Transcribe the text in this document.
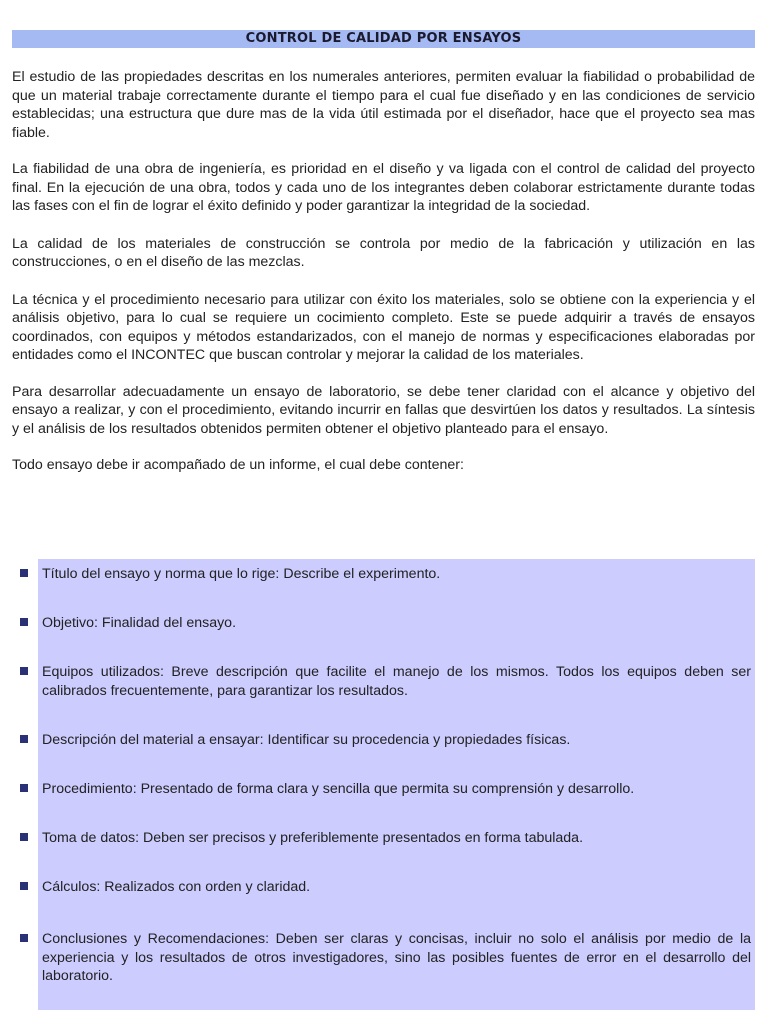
CONTROL DE CALIDAD POR ENSAYOS

El estudio de las propiedades descritas en los numerales anteriores, permiten evaluar la fiabilidad o probabilidad de que un material trabaje correctamente durante el tiempo para el cual fue diseñado y en las condiciones de servicio establecidas; una estructura que dure mas de la vida útil estimada por el diseñador, hace que el proyecto sea mas fiable.

La fiabilidad de una obra de ingeniería, es prioridad en el diseño y va ligada con el control de calidad del proyecto final. En la ejecución de una obra, todos y cada uno de los integrantes deben colaborar estrictamente durante todas las fases con el fin de lograr el éxito definido y poder garantizar la integridad de la sociedad.

La calidad de los materiales de construcción se controla por medio de la fabricación y utilización en las construcciones, o en el diseño de las mezclas.

La técnica y el procedimiento necesario para utilizar con éxito los materiales, solo se obtiene con la experiencia y el análisis objetivo, para lo cual se requiere un cocimiento completo. Este se puede adquirir a través de ensayos coordinados, con equipos y métodos estandarizados, con el manejo de normas y especificaciones elaboradas por entidades como el INCONTEC que buscan controlar y mejorar la calidad de los materiales.

Para desarrollar adecuadamente un ensayo de laboratorio, se debe tener claridad con el alcance y objetivo del ensayo a realizar, y con el procedimiento, evitando incurrir en fallas que desvirtúen los datos y resultados. La síntesis y el análisis de los resultados obtenidos permiten obtener el objetivo planteado para el ensayo.

Todo ensayo debe ir acompañado de un informe, el cual debe contener:

Título del ensayo y norma que lo rige: Describe el experimento.
Objetivo: Finalidad del ensayo.
Equipos utilizados: Breve descripción que facilite el manejo de los mismos. Todos los equipos deben ser calibrados frecuentemente, para garantizar los resultados.
Descripción del material a ensayar: Identificar su procedencia y propiedades físicas.
Procedimiento: Presentado de forma clara y sencilla que permita su comprensión y desarrollo.
Toma de datos: Deben ser precisos y preferiblemente presentados en forma tabulada.
Cálculos: Realizados con orden y claridad.
Conclusiones y Recomendaciones: Deben ser claras y concisas, incluir no solo el análisis por medio de la experiencia y los resultados de otros investigadores, sino las posibles fuentes de error en el desarrollo del laboratorio.
